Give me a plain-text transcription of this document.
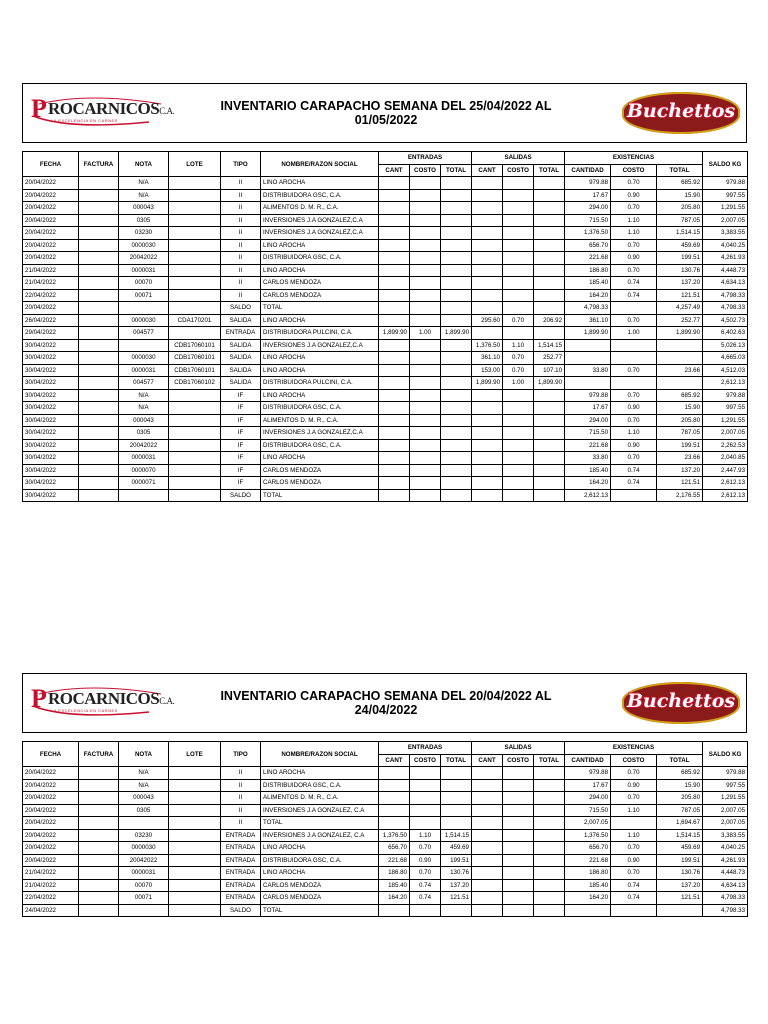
P ROCARNICOSC.A.
LA EXCELENCIA EN CARNES
INVENTARIO CARAPACHO SEMANA DEL 25/04/2022 AL 01/05/2022	Buchettos
FECHA	FACTURA	NOTA	LOTE	TIPO	NOMBRE/RAZON SOCIAL	ENTRADAS			SALIDAS			EXISTENCIAS			SALDO KG
						CANT	COSTO	TOTAL	CANT	COSTO	TOTAL	CANTIDAD	COSTO	TOTAL	
20/04/2022		N/A		II	LINO AROCHA							979.88	0.70	685.92	979.88
20/04/2022		N/A		II	DISTRIBUIDORA GSC, C.A.							17.67	0.90	15.90	997.55
20/04/2022		000043		II	ALIMENTOS D. M. R., C.A.							294.00	0.70	205.80	1,291.55
20/04/2022		0305		II	INVERSIONES J.A GONZALEZ,C.A							715.50	1.10	787.05	2,007.05
20/04/2022		03230		II	INVERSIONES J.A GONZALEZ,C.A							1,376.50	1.10	1,514.15	3,383.55
20/04/2022		0000030		II	LINO AROCHA							656.70	0.70	459.69	4,040.25
20/04/2022		20042022		II	DISTRIBUIDORA GSC, C.A.							221.68	0.90	199.51	4,261.93
21/04/2022		0000031		II	LINO AROCHA							186.80	0.70	130.76	4,448.73
21/04/2022		00070		II	CARLOS MENDOZA							185.40	0.74	137.20	4,634.13
22/04/2022		00071		II	CARLOS MENDOZA							164.20	0.74	121.51	4,798.33
20/04/2022				SALDO	TOTAL							4,798.33		4,257.49	4,798.33
26/04/2022		0000030	CDA170201	SALIDA	LINO AROCHA				295.60	0.70	206.92	361.10	0.70	252.77	4,502.73
29/04/2022		004577		ENTRADA	DISTRIBUIDORA PULCINI, C.A.	1,899.90	1.00	1,899.90				1,899.90	1.00	1,899.90	6,402.63
30/04/2022			CDB17060101	SALIDA	INVERSIONES J.A GONZALEZ,C.A				1,376.50	1.10	1,514.15				5,026.13
30/04/2022		0000030	CDB17060101	SALIDA	LINO AROCHA				361.10	0.70	252.77				4,665.03
30/04/2022		0000031	CDB17060101	SALIDA	LINO AROCHA				153.00	0.70	107.10	33.80	0.70	23.66	4,512.03
30/04/2022		004577	CDB17060102	SALIDA	DISTRIBUIDORA PULCINI, C.A.				1,899.90	1.00	1,899.90				2,612.13
30/04/2022		N/A		IF	LINO AROCHA							979.88	0.70	685.92	979.88
30/04/2022		N/A		IF	DISTRIBUIDORA GSC, C.A.							17.67	0.90	15.90	997.55
30/04/2022		000043		IF	ALIMENTOS D. M. R., C.A.							294.00	0.70	205.80	1,291.55
30/04/2022		0305		IF	INVERSIONES J.A GONZALEZ,C.A							715.50	1.10	787.05	2,007.05
30/04/2022		20042022		IF	DISTRIBUIDORA GSC, C.A.							221.68	0.90	199.51	2,262.53
30/04/2022		0000031		IF	LINO AROCHA							33.80	0.70	23.66	2,040.85
30/04/2022		0000070		IF	CARLOS MENDOZA							185.40	0.74	137.20	2,447.93
30/04/2022		0000071		IF	CARLOS MENDOZA							164.20	0.74	121.51	2,612.13
30/04/2022				SALDO	TOTAL							2,612.13		2,176.55	2,612.13
P ROCARNICOSC.A.
LA EXCELENCIA EN CARNES
INVENTARIO CARAPACHO SEMANA DEL 20/04/2022 AL 24/04/2022	Buchettos
FECHA	FACTURA	NOTA	LOTE	TIPO	NOMBRE/RAZON SOCIAL	ENTRADAS			SALIDAS			EXISTENCIAS			SALDO KG
						CANT	COSTO	TOTAL	CANT	COSTO	TOTAL	CANTIDAD	COSTO	TOTAL	
20/04/2022		N/A		II	LINO AROCHA							979.88	0.70	685.92	979.88
20/04/2022		N/A		II	DISTRIBUIDORA GSC, C.A.							17.67	0.90	15.90	997.55
20/04/2022		000043		II	ALIMENTOS D. M. R., C.A.							294.00	0.70	205.80	1,291.55
20/04/2022		0305		II	INVERSIONES J.A GONZALEZ, C.A							715.50	1.10	787.05	2,007.05
20/04/2022				II	TOTAL							2,007.05		1,694.67	2,007.05
20/04/2022		03230		ENTRADA	INVERSIONES J.A GONZALEZ, C.A	1,376.50	1.10	1,514.15				1,376.50	1.10	1,514.15	3,383.55
20/04/2022		0000030		ENTRADA	LINO AROCHA	656.70	0.70	459.69				656.70	0.70	459.69	4,040.25
20/04/2022		20042022		ENTRADA	DISTRIBUIDORA GSC, C.A.	221.68	0.90	199.51				221.68	0.90	199.51	4,261.93
21/04/2022		0000031		ENTRADA	LINO AROCHA	186.80	0.70	130.76				186.80	0.70	130.76	4,448.73
21/04/2022		00070		ENTRADA	CARLOS MENDOZA	185.40	0.74	137.20				185.40	0.74	137.20	4,634.13
22/04/2022		00071		ENTRADA	CARLOS MENDOZA	164.20	0.74	121.51				164.20	0.74	121.51	4,798.33
24/04/2022				SALDO	TOTAL										4,798.33
